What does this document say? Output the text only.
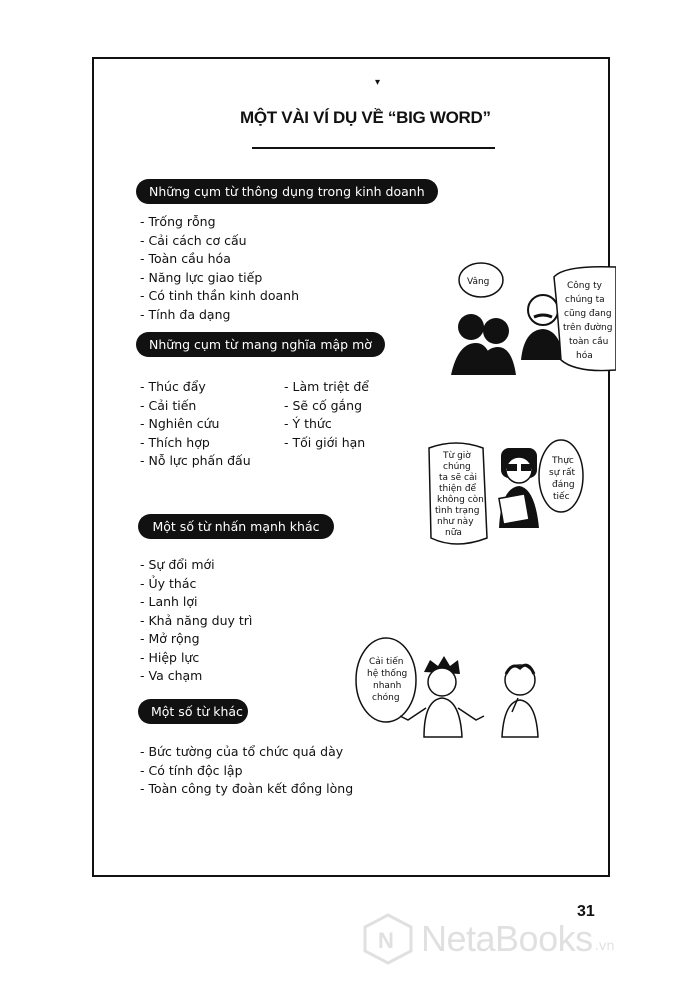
▾
MỘT VÀI VÍ DỤ VỀ “BIG WORD”
Những cụm từ thông dụng trong kinh doanh
- Trống rỗng
- Cải cách cơ cấu
- Toàn cầu hóa
- Năng lực giao tiếp
- Có tinh thần kinh doanh
- Tính đa dạng
Những cụm từ mang nghĩa mập mờ
- Thúc đẩy
- Cải tiến
- Nghiên cứu
- Thích hợp
- Nỗ lực phấn đấu
- Làm triệt để
- Sẽ cố gắng
- Ý thức
- Tối giới hạn
Một số từ nhấn mạnh khác
- Sự đổi mới
- Ủy thác
- Lanh lợi
- Khả năng duy trì
- Mở rộng
- Hiệp lực
- Va chạm
Một số từ khác
- Bức tường của tổ chức quá dày
- Có tính độc lập
- Toàn công ty đoàn kết đồng lòng
Vâng	Công ty chúng ta cũng đang trên đường toàn cầu hóa
Từ giờ chúng ta sẽ cải thiện để không còn tình trạng như này nữa
Thực sự rất đáng tiếc
Cải tiến hệ thống nhanh chóng
31
N NetaBooks .vn
